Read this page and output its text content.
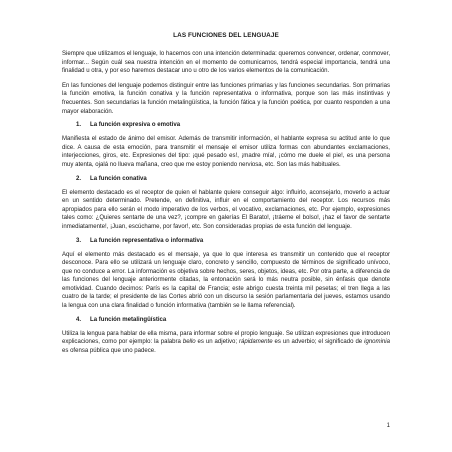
LAS FUNCIONES DEL LENGUAJE

Siempre que utilizamos el lenguaje, lo hacemos con una intención determinada: queremos convencer, ordenar, conmover, informar... Según cuál sea nuestra intención en el momento de comunicarnos, tendrá especial importancia, tendrá una finalidad u otra, y por eso haremos destacar uno u otro de los varios elementos de la comunicación.

En las funciones del lenguaje podemos distinguir entre las funciones primarias y las funciones secundarias. Son primarias la función emotiva, la función conativa y la función representativa o informativa, porque son las más instintivas y frecuentes. Son secundarias la función metalingüística, la función fática y la función poética, por cuanto responden a una mayor elaboración.

1.	La función expresiva o emotiva

Manifiesta el estado de ánimo del emisor. Además de transmitir información, el hablante expresa su actitud ante lo que dice. A causa de esta emoción, para transmitir el mensaje el emisor utiliza formas con abundantes exclamaciones, interjecciones, giros, etc. Expresiones del tipo: ¡qué pesado es!, ¡madre mía!, ¡cómo me duele el pie!, es una persona muy atenta, ojalá no llueva mañana, creo que me estoy poniendo nerviosa, etc. Son las más habituales.

2.	La función conativa

El elemento destacado es el receptor de quien el hablante quiere conseguir algo: influirlo, aconsejarlo, moverlo a actuar en un sentido determinado. Pretende, en definitiva, influir en el comportamiento del receptor. Los recursos más apropiados para ello serán el modo imperativo de los verbos, el vocativo, exclamaciones, etc. Por ejemplo, expresiones tales como: ¿Quieres sentarte de una vez?, ¡compre en galerías El Barato!, ¡tráeme el bolso!, ¡haz el favor de sentarte inmediatamente!, ¡Juan, escúchame, por favor!, etc. Son consideradas propias de esta función del lenguaje.

3.	La función representativa o informativa

Aquí el elemento más destacado es el mensaje, ya que lo que interesa es transmitir un contenido que el receptor desconoce. Para ello se utilizará un lenguaje claro, concreto y sencillo, compuesto de términos de significado unívoco, que no conduce a error. La información es objetiva sobre hechos, seres, objetos, ideas, etc. Por otra parte, a diferencia de las funciones del lenguaje anteriormente citadas, la entonación será lo más neutra posible, sin énfasis que denote emotividad. Cuando decimos: París es la capital de Francia; este abrigo cuesta treinta mil pesetas; el tren llega a las cuatro de la tarde; el presidente de las Cortes abrió con un discurso la sesión parlamentaria del jueves, estamos usando la lengua con una clara finalidad o función informativa (también se le llama referencial).

4.	La función metalingüística

Utiliza la lengua para hablar de ella misma, para informar sobre el propio lenguaje. Se utilizan expresiones que introducen explicaciones, como por ejemplo: la palabra bello es un adjetivo; rápidamente es un adverbio; el significado de ignominia es ofensa pública que uno padece.

1
